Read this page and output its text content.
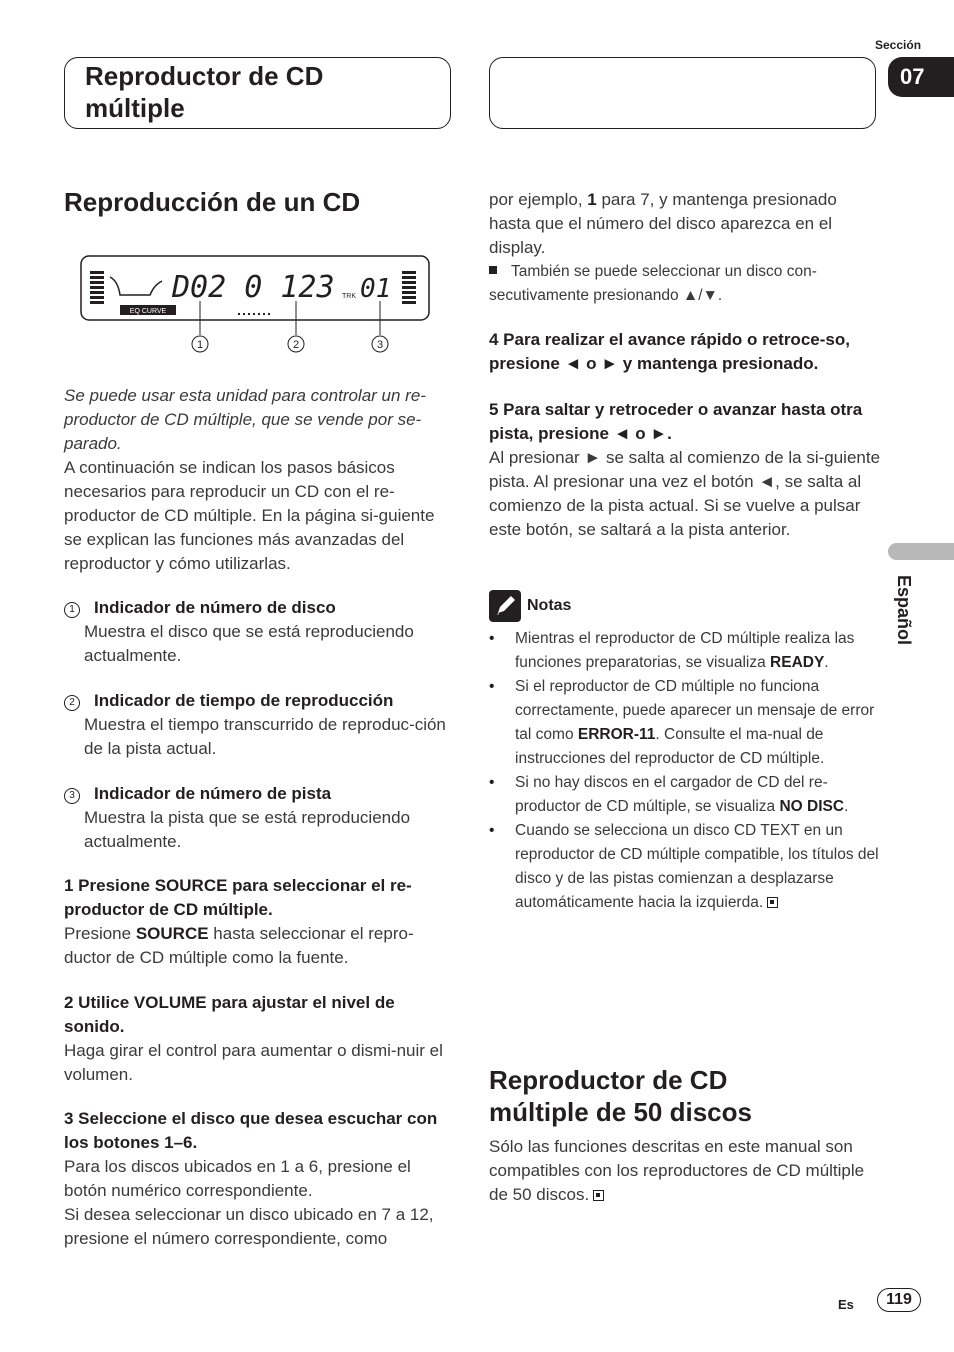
Sección
07
Reproductor de CD múltiple
Español
Reproducción de un CD
EQ CURVE
D02 0 123 TRK 01
1	2	3
Se puede usar esta unidad para controlar un re-productor de CD múltiple, que se vende por se-parado.
A continuación se indican los pasos básicos necesarios para reproducir un CD con el re-productor de CD múltiple. En la página si-guiente se explican las funciones más avanzadas del reproductor y cómo utilizarlas.
1 Indicador de número de disco
Muestra el disco que se está reproduciendo actualmente.
2 Indicador de tiempo de reproducción
Muestra el tiempo transcurrido de reproduc-ción de la pista actual.
3 Indicador de número de pista
Muestra la pista que se está reproduciendo actualmente.
1 Presione SOURCE para seleccionar el re-productor de CD múltiple.
Presione SOURCE hasta seleccionar el repro-ductor de CD múltiple como la fuente.
2 Utilice VOLUME para ajustar el nivel de sonido.
Haga girar el control para aumentar o dismi-nuir el volumen.
3 Seleccione el disco que desea escuchar con los botones 1–6.
Para los discos ubicados en 1 a 6, presione el botón numérico correspondiente.
Si desea seleccionar un disco ubicado en 7 a 12, presione el número correspondiente, como
por ejemplo, 1 para 7, y mantenga presionado hasta que el número del disco aparezca en el display.
También se puede seleccionar un disco con-secutivamente presionando ▲/▼.
4 Para realizar el avance rápido o retroce-so, presione ◄ o ► y mantenga presionado.
5 Para saltar y retroceder o avanzar hasta otra pista, presione ◄ o ►.
Al presionar ► se salta al comienzo de la si-guiente pista. Al presionar una vez el botón ◄, se salta al comienzo de la pista actual. Si se vuelve a pulsar este botón, se saltará a la pista anterior.
Notas
• Mientras el reproductor de CD múltiple realiza las funciones preparatorias, se visualiza READY.
• Si el reproductor de CD múltiple no funciona correctamente, puede aparecer un mensaje de error tal como ERROR-11. Consulte el ma-nual de instrucciones del reproductor de CD múltiple.
• Si no hay discos en el cargador de CD del re-productor de CD múltiple, se visualiza NO DISC.
• Cuando se selecciona un disco CD TEXT en un reproductor de CD múltiple compatible, los títulos del disco y de las pistas comienzan a desplazarse automáticamente hacia la izquierda.
Reproductor de CD múltiple de 50 discos
Sólo las funciones descritas en este manual son compatibles con los reproductores de CD múltiple de 50 discos.
Es	119
